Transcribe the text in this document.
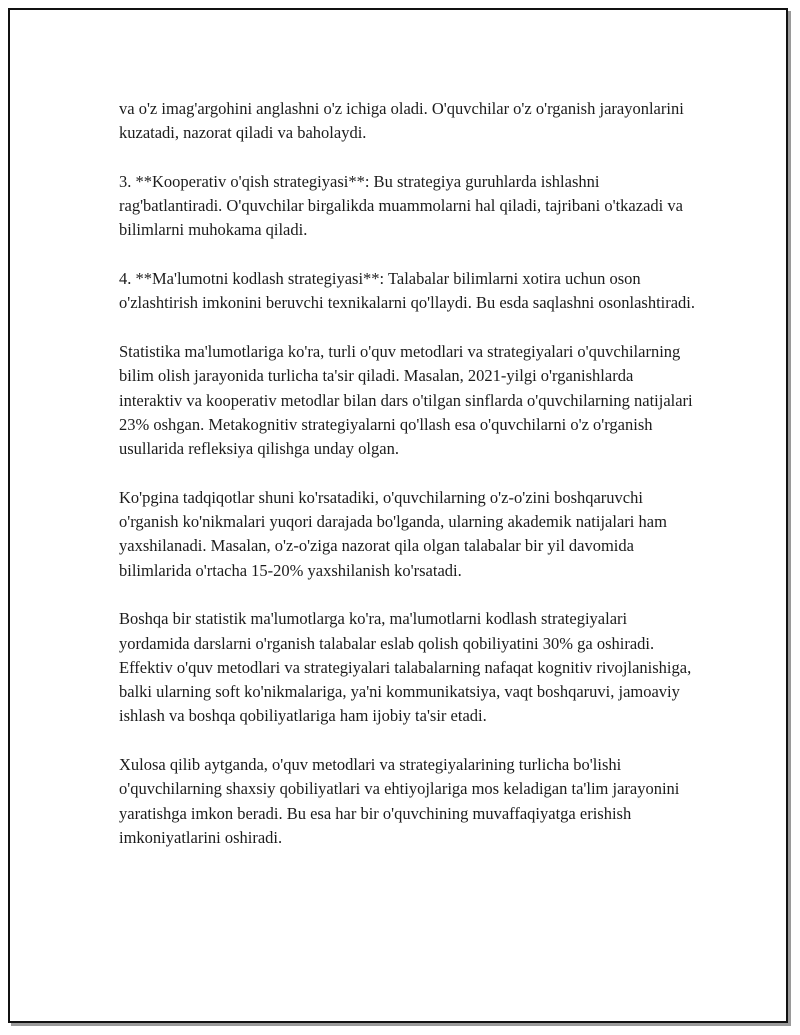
va o'z imag'argohini anglashni o'z ichiga oladi. O'quvchilar o'z o'rganish jarayonlarini kuzatadi, nazorat qiladi va baholaydi.

3. **Kooperativ o'qish strategiyasi**: Bu strategiya guruhlarda ishlashni rag'batlantiradi. O'quvchilar birgalikda muammolarni hal qiladi, tajribani o'tkazadi va bilimlarni muhokama qiladi.

4. **Ma'lumotni kodlash strategiyasi**: Talabalar bilimlarni xotira uchun oson o'zlashtirish imkonini beruvchi texnikalarni qo'llaydi. Bu esda saqlashni osonlashtiradi.

Statistika ma'lumotlariga ko'ra, turli o'quv metodlari va strategiyalari o'quvchilarning bilim olish jarayonida turlicha ta'sir qiladi. Masalan, 2021-yilgi o'rganishlarda interaktiv va kooperativ metodlar bilan dars o'tilgan sinflarda o'quvchilarning natijalari 23% oshgan. Metakognitiv strategiyalarni qo'llash esa o'quvchilarni o'z o'rganish usullarida refleksiya qilishga unday olgan.

Ko'pgina tadqiqotlar shuni ko'rsatadiki, o'quvchilarning o'z-o'zini boshqaruvchi o'rganish ko'nikmalari yuqori darajada bo'lganda, ularning akademik natijalari ham yaxshilanadi. Masalan, o'z-o'ziga nazorat qila olgan talabalar bir yil davomida bilimlarida o'rtacha 15-20% yaxshilanish ko'rsatadi.

Boshqa bir statistik ma'lumotlarga ko'ra, ma'lumotlarni kodlash strategiyalari yordamida darslarni o'rganish talabalar eslab qolish qobiliyatini 30% ga oshiradi. Effektiv o'quv metodlari va strategiyalari talabalarning nafaqat kognitiv rivojlanishiga, balki ularning soft ko'nikmalariga, ya'ni kommunikatsiya, vaqt boshqaruvi, jamoaviy ishlash va boshqa qobiliyatlariga ham ijobiy ta'sir etadi.

Xulosa qilib aytganda, o'quv metodlari va strategiyalarining turlicha bo'lishi o'quvchilarning shaxsiy qobiliyatlari va ehtiyojlariga mos keladigan ta'lim jarayonini yaratishga imkon beradi. Bu esa har bir o'quvchining muvaffaqiyatga erishish imkoniyatlarini oshiradi.
